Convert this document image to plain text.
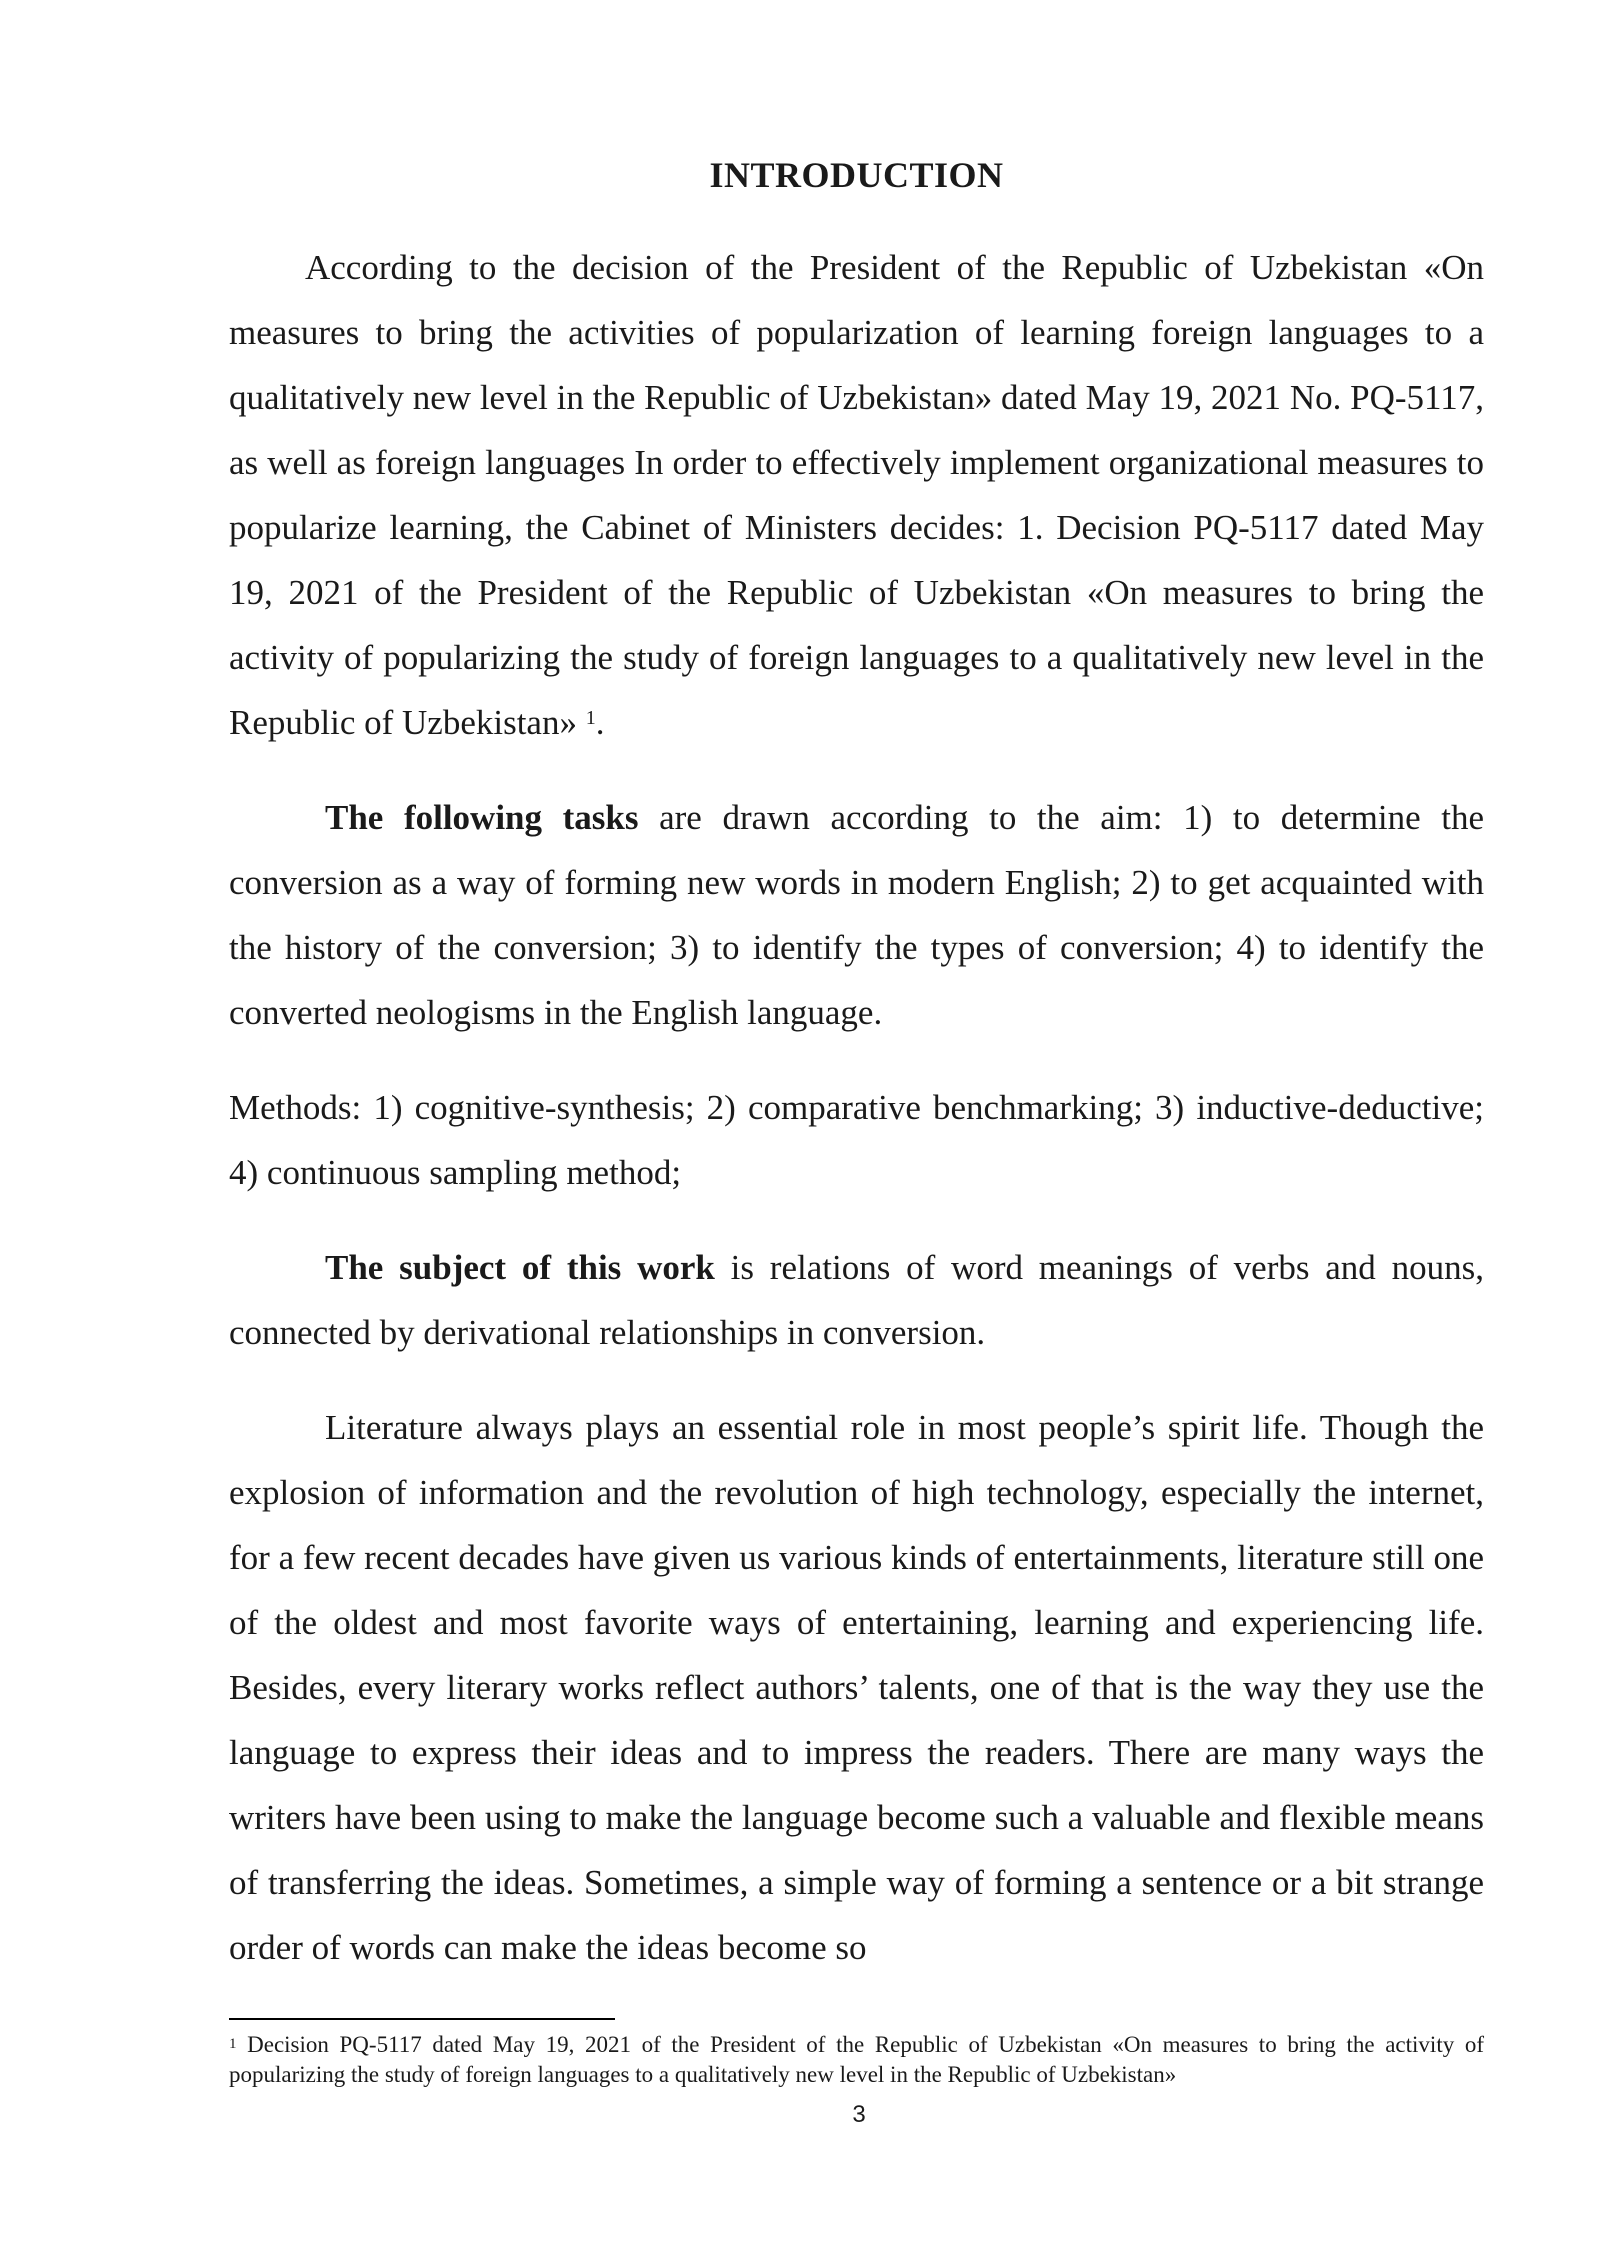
INTRODUCTION

According to the decision of the President of the Republic of Uzbekistan «On measures to bring the activities of popularization of learning foreign languages to a qualitatively new level in the Republic of Uzbekistan» dated May 19, 2021 No. PQ-5117, as well as foreign languages In order to effectively implement organizational measures to popularize learning, the Cabinet of Ministers decides: 1. Decision PQ-5117 dated May 19, 2021 of the President of the Republic of Uzbekistan «On measures to bring the activity of popularizing the study of foreign languages to a qualitatively new level in the Republic of Uzbekistan» $^1$.

The following tasks are drawn according to the aim: 1) to determine the conversion as a way of forming new words in modern English; 2) to get acquainted with the history of the conversion; 3) to identify the types of conversion; 4) to identify the converted neologisms in the English language.

Methods: 1) cognitive-synthesis; 2) comparative benchmarking; 3) inductive-deductive; 4) continuous sampling method;

The subject of this work is relations of word meanings of verbs and nouns, connected by derivational relationships in conversion.

Literature always plays an essential role in most people’s spirit life. Though the explosion of information and the revolution of high technology, especially the internet, for a few recent decades have given us various kinds of entertainments, literature still one of the oldest and most favorite ways of entertaining, learning and experiencing life. Besides, every literary works reflect authors’ talents, one of that is the way they use the language to express their ideas and to impress the readers. There are many ways the writers have been using to make the language become such a valuable and flexible means of transferring the ideas. Sometimes, a simple way of forming a sentence or a bit strange order of words can make the ideas become so

$^1$ Decision PQ-5117 dated May 19, 2021 of the President of the Republic of Uzbekistan «On measures to bring the activity of popularizing the study of foreign languages to a qualitatively new level in the Republic of Uzbekistan»
3
